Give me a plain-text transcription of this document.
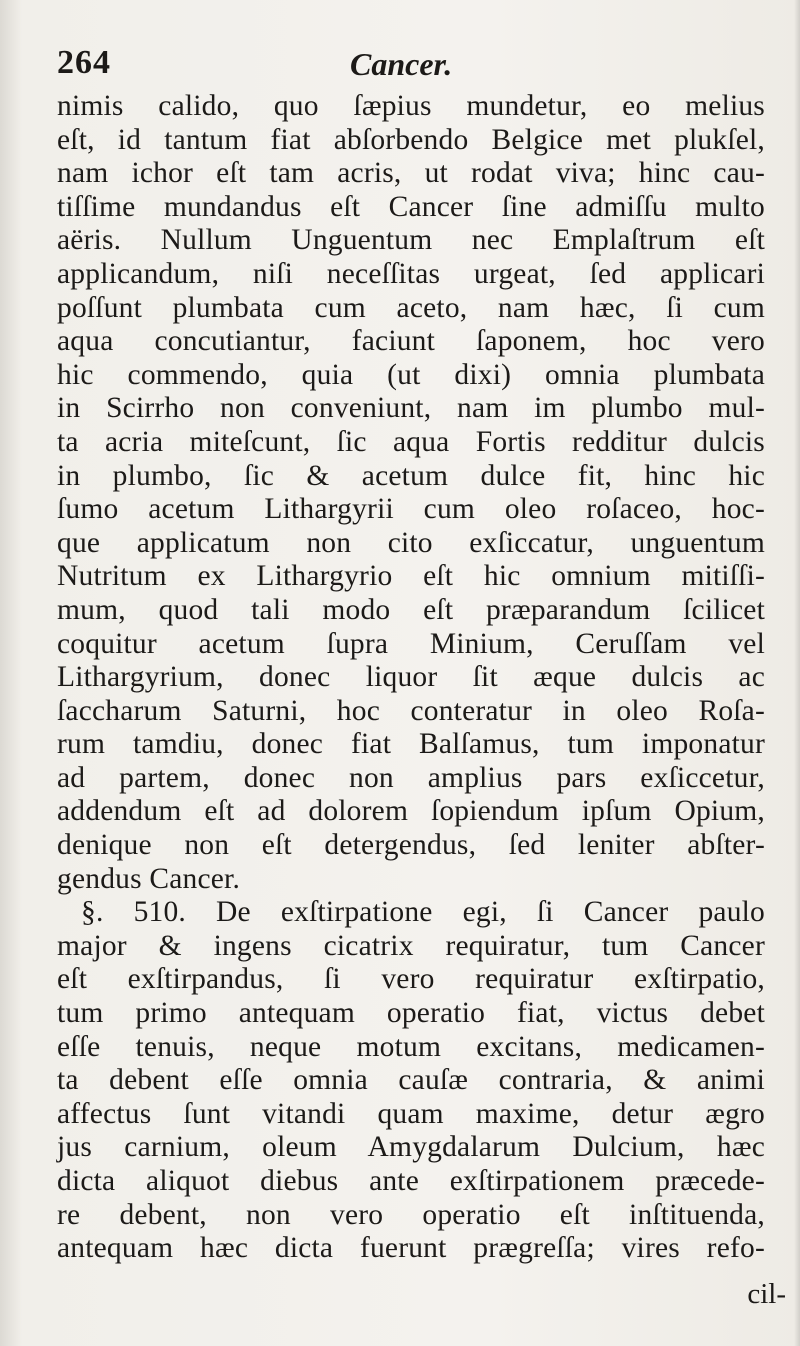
264	Cancer.
nimis calido, quo ſæpius mundetur, eo melius
eſt, id tantum fiat abſorbendo Belgice met plukſel,
nam ichor eſt tam acris, ut rodat viva; hinc cau-
tiſſime mundandus eſt Cancer ſine admiſſu multo
aëris. Nullum Unguentum nec Emplaſtrum eſt
applicandum, niſi neceſſitas urgeat, ſed applicari
poſſunt plumbata cum aceto, nam hæc, ſi cum
aqua concutiantur, faciunt ſaponem, hoc vero
hic commendo, quia (ut dixi) omnia plumbata
in Scirrho non conveniunt, nam im plumbo mul-
ta acria miteſcunt, ſic aqua Fortis redditur dulcis
in plumbo, ſic & acetum dulce fit, hinc hic
ſumo acetum Lithargyrii cum oleo roſaceo, hoc-
que applicatum non cito exſiccatur, unguentum
Nutritum ex Lithargyrio eſt hic omnium mitiſſi-
mum, quod tali modo eſt præparandum ſcilicet
coquitur acetum ſupra Minium, Ceruſſam vel
Lithargyrium, donec liquor ſit æque dulcis ac
ſaccharum Saturni, hoc conteratur in oleo Roſa-
rum tamdiu, donec fiat Balſamus, tum imponatur
ad partem, donec non amplius pars exſiccetur,
addendum eſt ad dolorem ſopiendum ipſum Opium,
denique non eſt detergendus, ſed leniter abſter-
gendus Cancer.
§. 510. De exſtirpatione egi, ſi Cancer paulo
major & ingens cicatrix requiratur, tum Cancer
eſt exſtirpandus, ſi vero requiratur exſtirpatio,
tum primo antequam operatio fiat, victus debet
eſſe tenuis, neque motum excitans, medicamen-
ta debent eſſe omnia cauſæ contraria, & animi
affectus ſunt vitandi quam maxime, detur ægro
jus carnium, oleum Amygdalarum Dulcium, hæc
dicta aliquot diebus ante exſtirpationem præcede-
re debent, non vero operatio eſt inſtituenda,
antequam hæc dicta fuerunt prægreſſa; vires refo-
cil-
